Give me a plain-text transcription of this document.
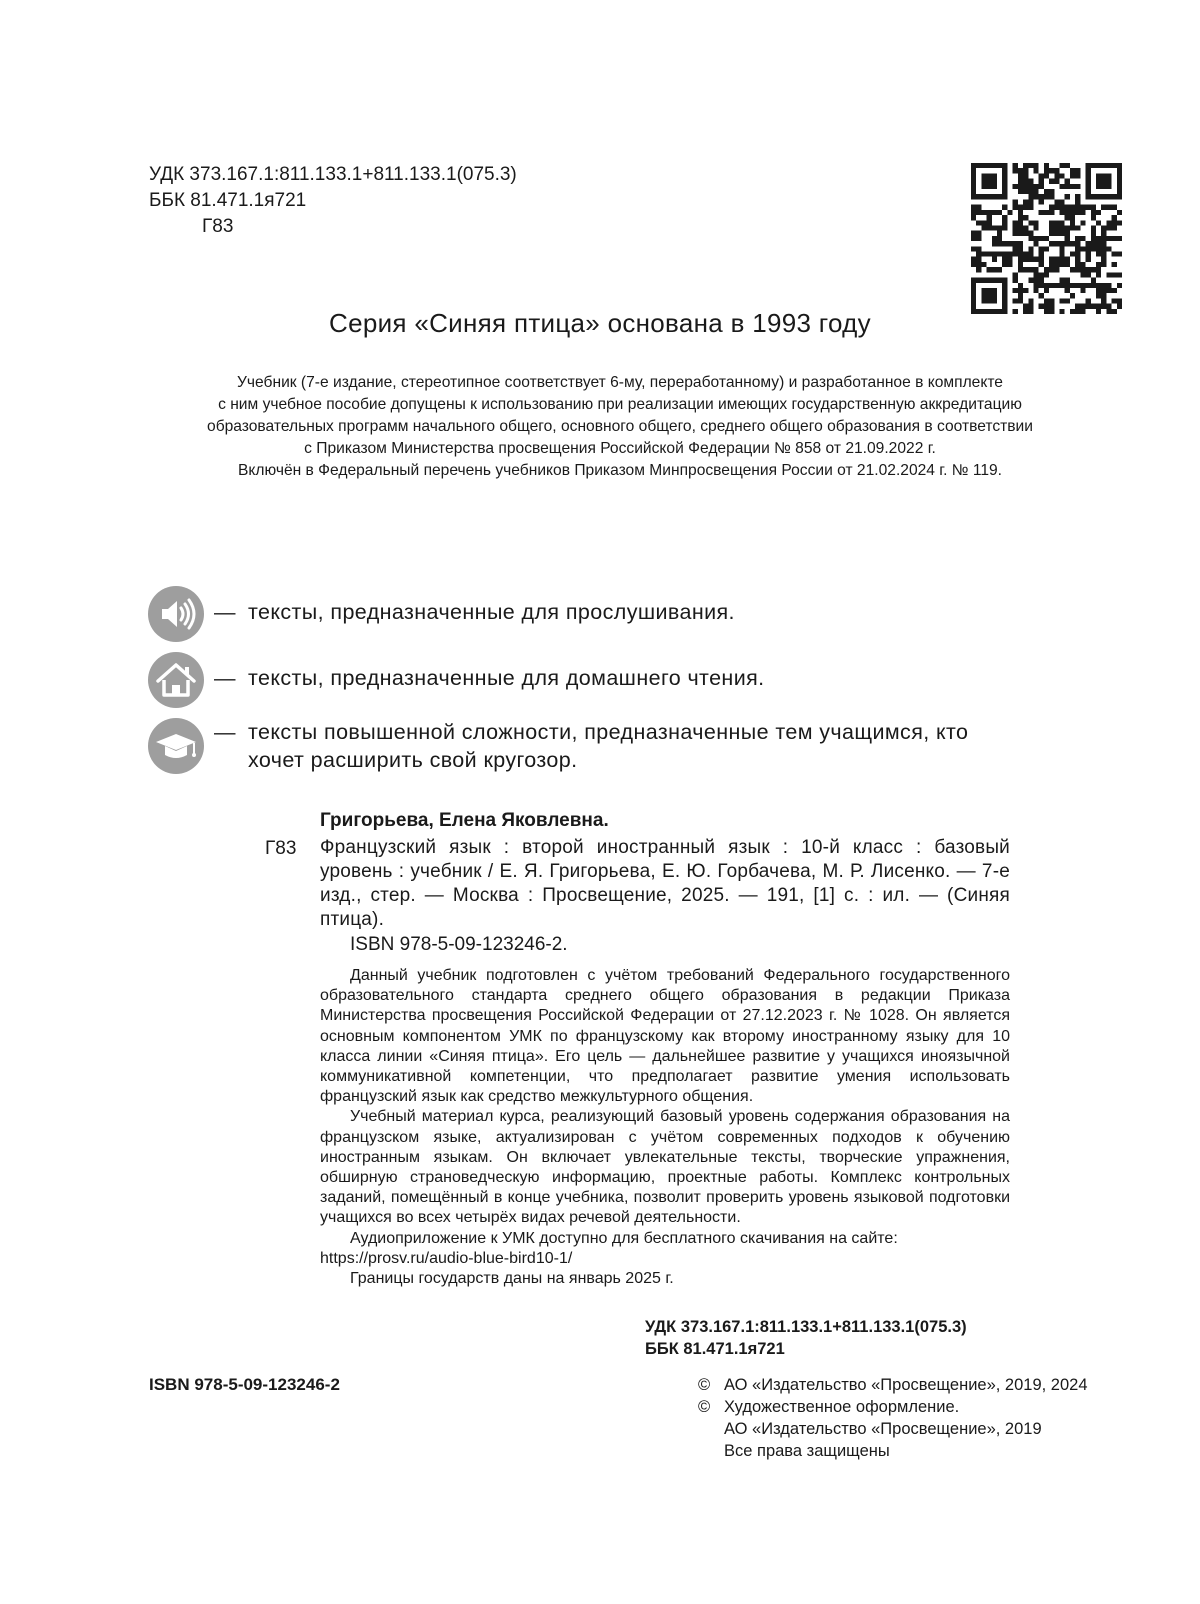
УДК 373.167.1:811.133.1+811.133.1(075.3)
ББК 81.471.1я721
Г83
Серия «Синяя птица» основана в 1993 году
Учебник (7-е издание, стереотипное соответствует 6-му, переработанному) и разработанное в комплекте
с ним учебное пособие допущены к использованию при реализации имеющих государственную аккредитацию
образовательных программ начального общего, основного общего, среднего общего образования в соответствии
с Приказом Министерства просвещения Российской Федерации № 858 от 21.09.2022 г.
Включён в Федеральный перечень учебников Приказом Минпросвещения России от 21.02.2024 г. № 119.
— тексты, предназначенные для прослушивания.
— тексты, предназначенные для домашнего чтения.
— тексты повышенной сложности, предназначенные тем учащимся, кто
хочет расширить свой кругозор.
Григорьева, Елена Яковлевна.
Г83 Французский язык : второй иностранный язык : 10-й класс : базовый уровень : учебник / Е. Я. Григорьева, Е. Ю. Горбачева, М. Р. Лисенко. — 7-е изд., стер. — Москва : Просвещение, 2025. — 191, [1] с. : ил. — (Синяя птица).
ISBN 978-5-09-123246-2.

Данный учебник подготовлен с учётом требований Федерального государственного образовательного стандарта среднего общего образования в редакции Приказа Министерства просвещения Российской Федерации от 27.12.2023 г. № 1028. Он является основным компонентом УМК по французскому как второму иностранному языку для 10 класса линии «Синяя птица». Его цель — дальнейшее развитие у учащихся иноязычной коммуникативной компетенции, что предполагает развитие умения использовать французский язык как средство межкультурного общения.

Учебный материал курса, реализующий базовый уровень содержания образования на французском языке, актуализирован с учётом современных подходов к обучению иностранным языкам. Он включает увлекательные тексты, творческие упражнения, обширную страноведческую информацию, проектные работы. Комплекс контрольных заданий, помещённый в конце учебника, позволит проверить уровень языковой подготовки учащихся во всех четырёх видах речевой деятельности.

Аудиоприложение к УМК доступно для бесплатного скачивания на сайте:

https://prosv.ru/audio-blue-bird10-1/

Границы государств даны на январь 2025 г.

УДК 373.167.1:811.133.1+811.133.1(075.3)
ББК 81.471.1я721
ISBN 978-5-09-123246-2	© АО «Издательство «Просвещение», 2019, 2024
© Художественное оформление.
АО «Издательство «Просвещение», 2019
Все права защищены
